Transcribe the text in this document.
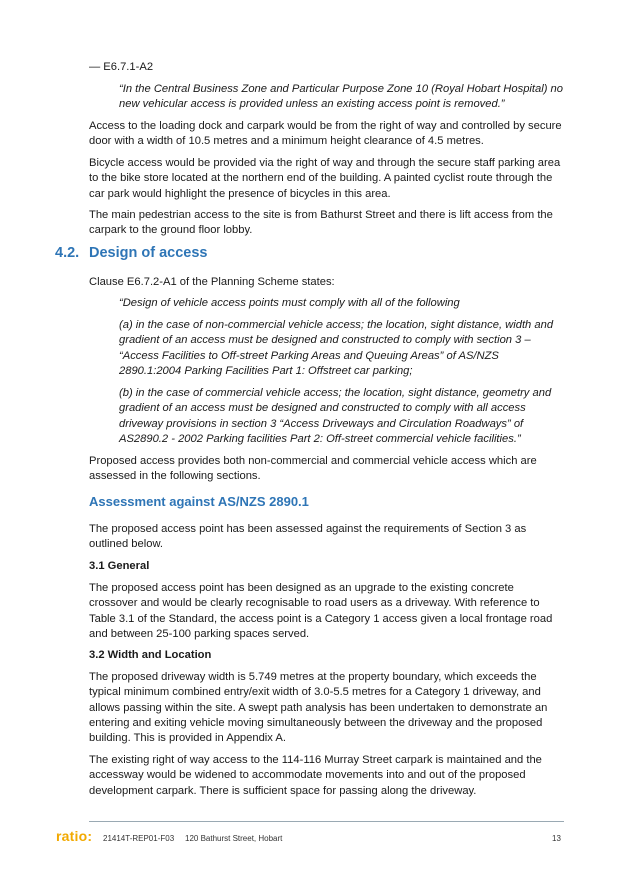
— E6.7.1-A2

“In the Central Business Zone and Particular Purpose Zone 10 (Royal Hobart Hospital) no new vehicular access is provided unless an existing access point is removed.”

Access to the loading dock and carpark would be from the right of way and controlled by secure door with a width of 10.5 metres and a minimum height clearance of 4.5 metres.

Bicycle access would be provided via the right of way and through the secure staff parking area to the bike store located at the northern end of the building. A painted cyclist route through the car park would highlight the presence of bicycles in this area.

The main pedestrian access to the site is from Bathurst Street and there is lift access from the carpark to the ground floor lobby.

4.2. Design of access

Clause E6.7.2-A1 of the Planning Scheme states:

“Design of vehicle access points must comply with all of the following

(a) in the case of non-commercial vehicle access; the location, sight distance, width and gradient of an access must be designed and constructed to comply with section 3 – “Access Facilities to Off-street Parking Areas and Queuing Areas” of AS/NZS 2890.1:2004 Parking Facilities Part 1: Offstreet car parking;

(b) in the case of commercial vehicle access; the location, sight distance, geometry and gradient of an access must be designed and constructed to comply with all access driveway provisions in section 3 “Access Driveways and Circulation Roadways” of AS2890.2 - 2002 Parking facilities Part 2: Off-street commercial vehicle facilities.”

Proposed access provides both non-commercial and commercial vehicle access which are assessed in the following sections.

Assessment against AS/NZS 2890.1

The proposed access point has been assessed against the requirements of Section 3 as outlined below.

3.1 General

The proposed access point has been designed as an upgrade to the existing concrete crossover and would be clearly recognisable to road users as a driveway. With reference to Table 3.1 of the Standard, the access point is a Category 1 access given a local frontage road and between 25-100 parking spaces served.

3.2 Width and Location

The proposed driveway width is 5.749 metres at the property boundary, which exceeds the typical minimum combined entry/exit width of 3.0-5.5 metres for a Category 1 driveway, and allows passing within the site. A swept path analysis has been undertaken to demonstrate an entering and exiting vehicle moving simultaneously between the driveway and the proposed building. This is provided in Appendix A.

The existing right of way access to the 114-116 Murray Street carpark is maintained and the accessway would be widened to accommodate movements into and out of the proposed development carpark. There is sufficient space for passing along the driveway.

ratio: 21414T-REP01-F03 120 Bathurst Street, Hobart	13
